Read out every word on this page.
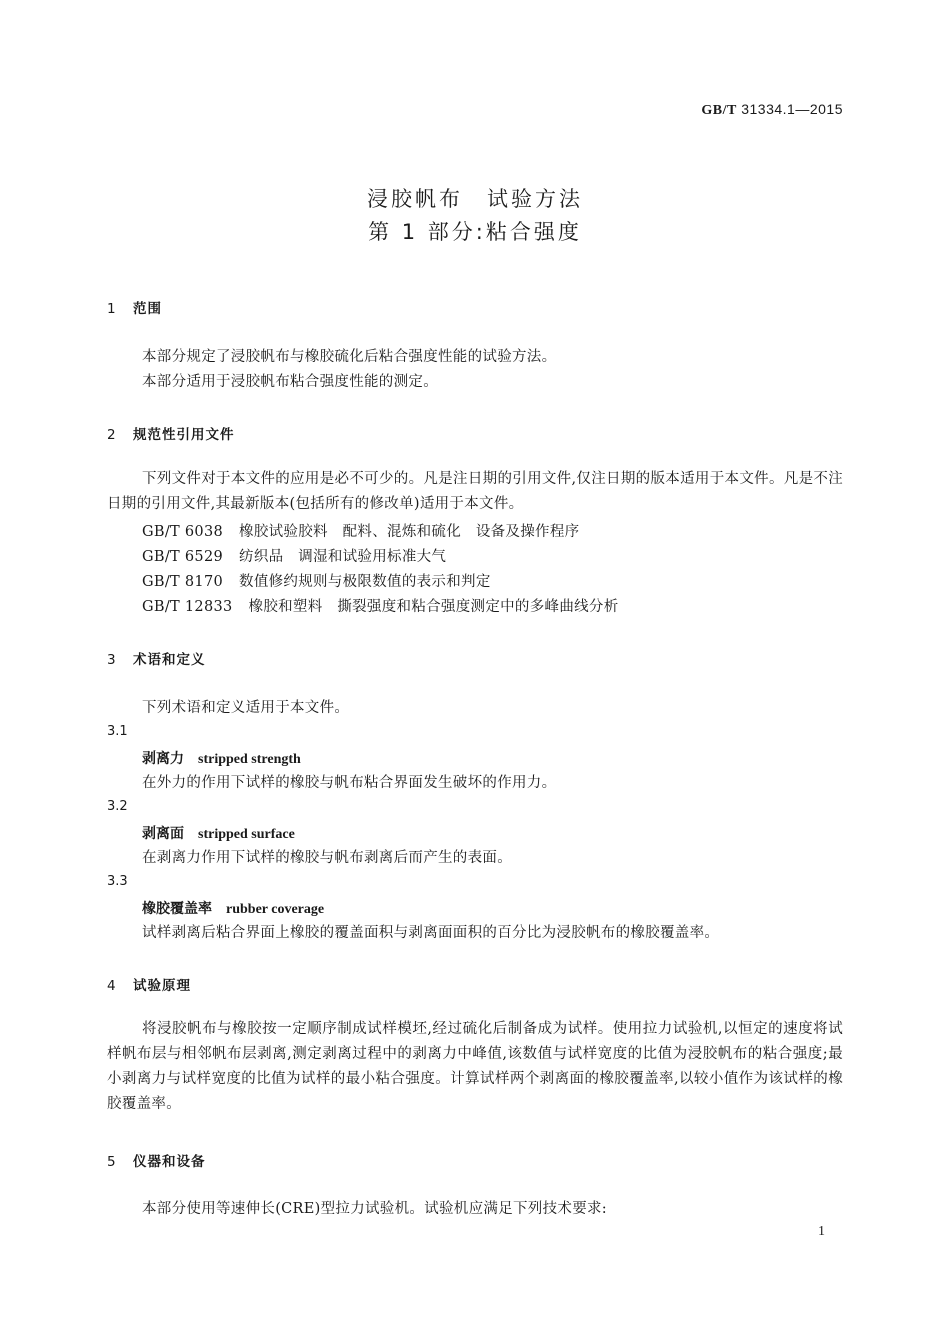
GB/T 31334.1—2015
浸胶帆布　试验方法
第 1 部分:粘合强度
1 范围
本部分规定了浸胶帆布与橡胶硫化后粘合强度性能的试验方法。
本部分适用于浸胶帆布粘合强度性能的测定。
2 规范性引用文件
下列文件对于本文件的应用是必不可少的。凡是注日期的引用文件,仅注日期的版本适用于本文件。凡是不注日期的引用文件,其最新版本(包括所有的修改单)适用于本文件。
GB/T 6038 橡胶试验胶料　配料、混炼和硫化　设备及操作程序
GB/T 6529 纺织品　调湿和试验用标准大气
GB/T 8170 数值修约规则与极限数值的表示和判定
GB/T 12833 橡胶和塑料　撕裂强度和粘合强度测定中的多峰曲线分析
3 术语和定义
下列术语和定义适用于本文件。
3.1
剥离力 stripped strength
在外力的作用下试样的橡胶与帆布粘合界面发生破坏的作用力。
3.2
剥离面 stripped surface
在剥离力作用下试样的橡胶与帆布剥离后而产生的表面。
3.3
橡胶覆盖率 rubber coverage
试样剥离后粘合界面上橡胶的覆盖面积与剥离面面积的百分比为浸胶帆布的橡胶覆盖率。
4 试验原理
将浸胶帆布与橡胶按一定顺序制成试样模坯,经过硫化后制备成为试样。使用拉力试验机,以恒定的速度将试样帆布层与相邻帆布层剥离,测定剥离过程中的剥离力中峰值,该数值与试样宽度的比值为浸胶帆布的粘合强度;最小剥离力与试样宽度的比值为试样的最小粘合强度。计算试样两个剥离面的橡胶覆盖率,以较小值作为该试样的橡胶覆盖率。
5 仪器和设备
本部分使用等速伸长(CRE)型拉力试验机。试验机应满足下列技术要求:
1
